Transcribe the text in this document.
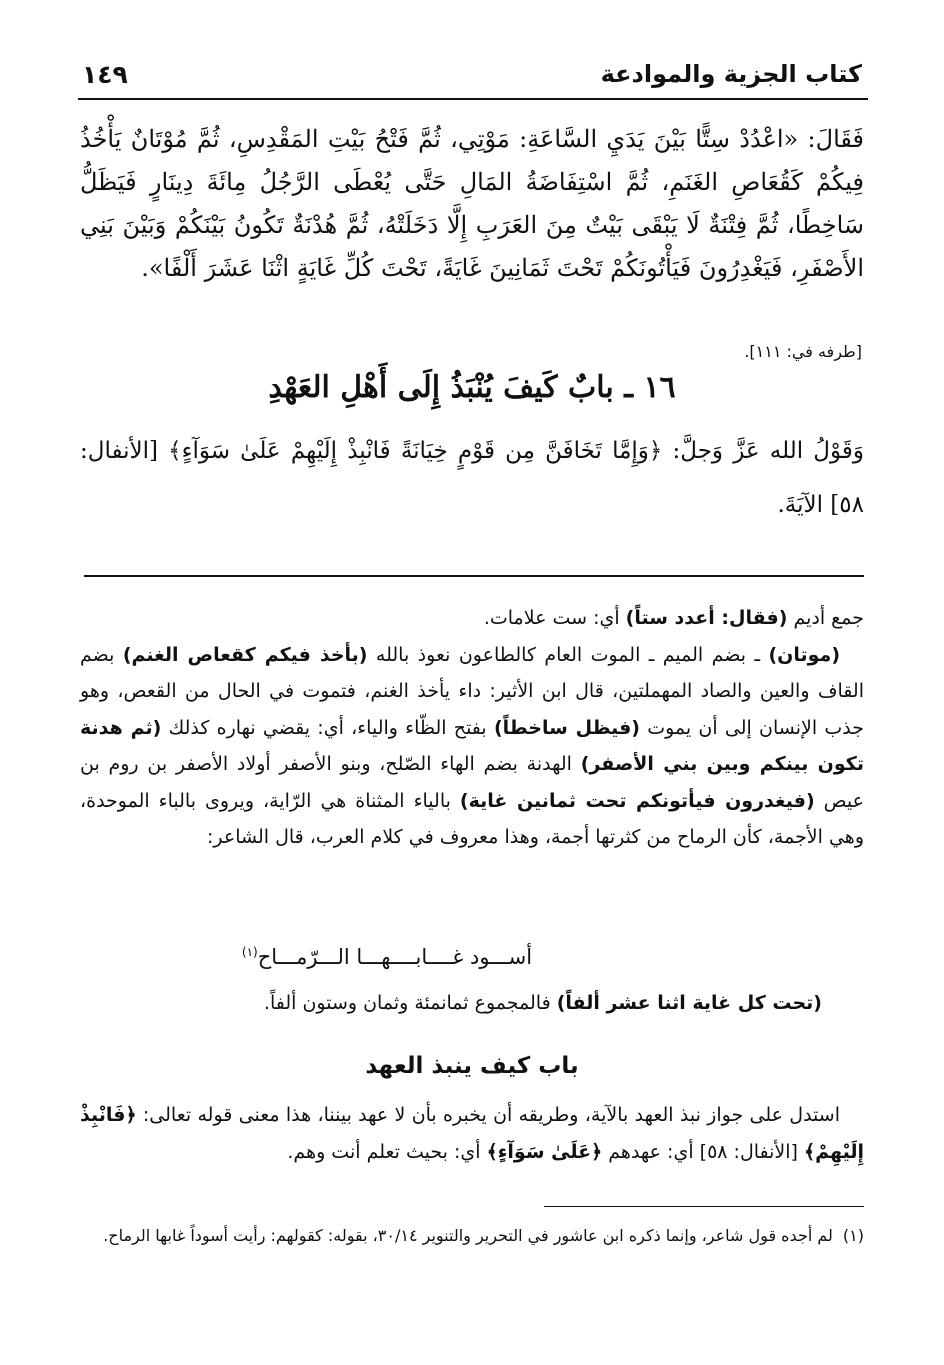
كتاب الجزية والموادعة
١٤٩
فَقَالَ: «اعْدُدْ سِتًّا بَيْنَ يَدَيِ السَّاعَةِ: مَوْتِي، ثُمَّ فَتْحُ بَيْتِ المَقْدِسِ، ثُمَّ مُوْتَانٌ يَأْخُذُ فِيكُمْ كَقُعَاصِ الغَنَمِ، ثُمَّ اسْتِفَاضَةُ المَالِ حَتَّى يُعْطَى الرَّجُلُ مِائَةَ دِينَارٍ فَيَظَلُّ سَاخِطًا، ثُمَّ فِتْنَةٌ لَا يَبْقَى بَيْتٌ مِنَ العَرَبِ إِلَّا دَخَلَتْهُ، ثُمَّ هُدْنَةٌ تَكُونُ بَيْنَكُمْ وَبَيْنَ بَنِي الأَصْفَرِ، فَيَغْدِرُونَ فَيَأْتُونَكُمْ تَحْتَ ثَمَانِينَ غَايَةً، تَحْتَ كُلِّ غَايَةٍ اثْنَا عَشَرَ أَلْفًا».
[طرفه في: ١١١].
١٦ ـ بابٌ كَيفَ يُنْبَذُ إِلَى أَهْلِ العَهْدِ
وَقَوْلُ الله عَزَّ وَجلَّ: ﴿وَإِمَّا تَخَافَنَّ مِن قَوْمٍ خِيَانَةً فَانْبِذْ إِلَيْهِمْ عَلَىٰ سَوَآءٍ﴾ [الأنفال: ٥٨] الآيَةَ.

جمع أديم (فقال: أعدد ستاً) أي: ست علامات.

(موتان) ـ بضم الميم ـ الموت العام كالطاعون نعوذ بالله (بأخذ فيكم كقعاص الغنم) بضم القاف والعين والصاد المهملتين، قال ابن الأثير: داء يأخذ الغنم، فتموت في الحال من القعص، وهو جذب الإنسان إلى أن يموت (فيظل ساخطاً) بفتح الظّاء والياء، أي: يقضي نهاره كذلك (ثم هدنة تكون بينكم وبين بني الأصفر) الهدنة بضم الهاء الصّلح، وبنو الأصفر أولاد الأصفر بن روم بن عيص (فيغدرون فيأتونكم تحت ثمانين غاية) بالياء المثناة هي الرّاية، ويروى بالباء الموحدة، وهي الأجمة، كأن الرماح من كثرتها أجمة، وهذا معروف في كلام العرب، قال الشاعر:

أســـود غــــابــــهـــا الـــرّمـــاح$^{(١)}$
(تحت كل غاية اثنا عشر ألفاً) فالمجموع ثمانمئة وثمان وستون ألفاً.
باب كيف ينبذ العهد

استدل على جواز نبذ العهد بالآية، وطريقه أن يخبره بأن لا عهد بيننا، هذا معنى قوله تعالى: ﴿فَانْبِذْ إِلَيْهِمْ﴾ [الأنفال: ٥٨] أي: عهدهم ﴿عَلَىٰ سَوَآءٍ﴾ أي: بحيث تعلم أنت وهم.

(١)لم أجده قول شاعر، وإنما ذكره ابن عاشور في التحرير والتنوير ٣٠/١٤، بقوله: كقولهم: رأيت أسوداً غابها الرماح.
